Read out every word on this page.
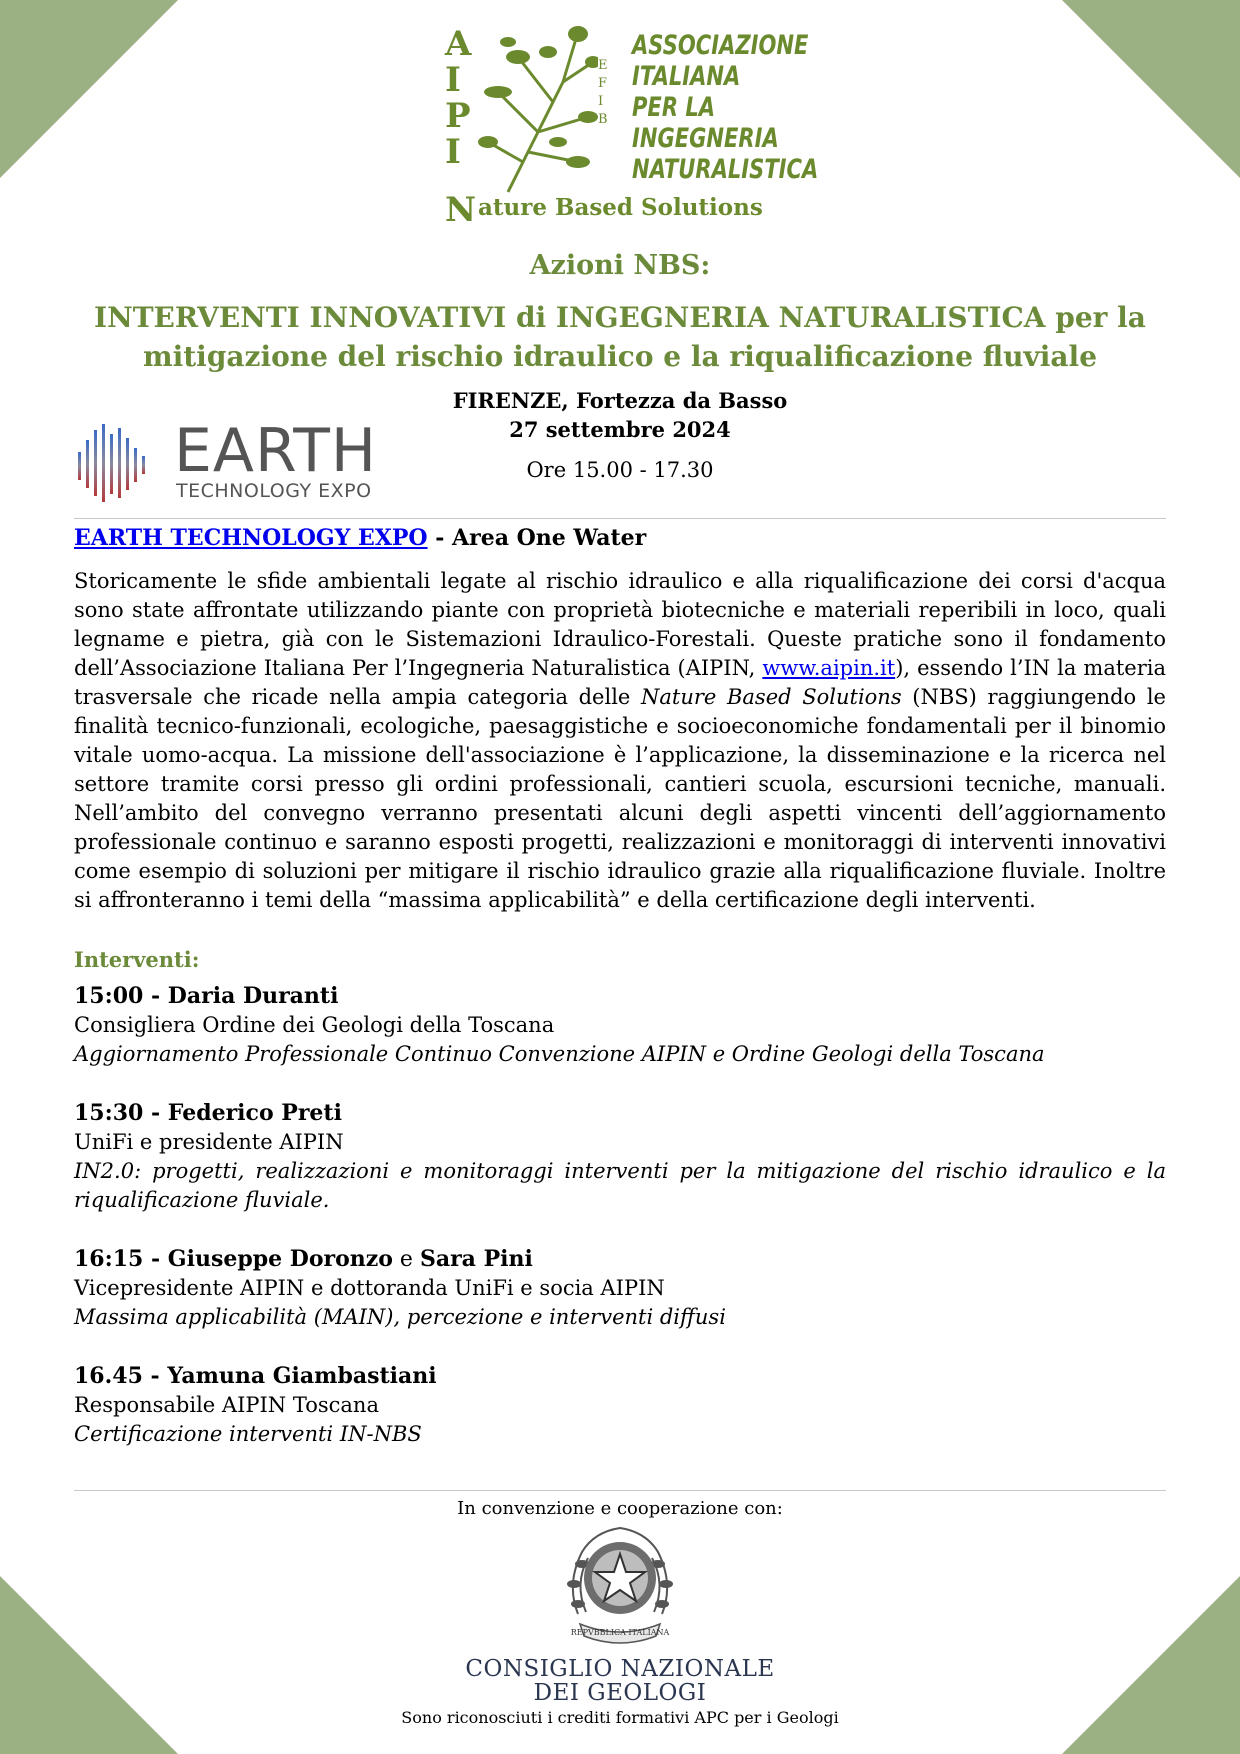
A
I
P
I
N
E
F
I
B
ASSOCIAZIONE
ITALIANA
PER LA
INGEGNERIA
NATURALISTICA
ature Based Solutions
Azioni NBS:
INTERVENTI INNOVATIVI di INGEGNERIA NATURALISTICA per la
mitigazione del rischio idraulico e la riqualificazione fluviale
FIRENZE, Fortezza da Basso
27 settembre 2024
Ore 15.00 - 17.30
EARTH
TECHNOLOGY EXPO
EARTH TECHNOLOGY EXPO - Area One Water
Storicamente le sfide ambientali legate al rischio idraulico e alla riqualificazione dei corsi d'acqua sono state affrontate utilizzando piante con proprietà biotecniche e materiali reperibili in loco, quali legname e pietra, già con le Sistemazioni Idraulico-Forestali. Queste pratiche sono il fondamento dell’Associazione Italiana Per l’Ingegneria Naturalistica (AIPIN, www.aipin.it), essendo l’IN la materia trasversale che ricade nella ampia categoria delle Nature Based Solutions (NBS) raggiungendo le finalità tecnico-funzionali, ecologiche, paesaggistiche e socioeconomiche fondamentali per il binomio vitale uomo-acqua. La missione dell'associazione è l’applicazione, la disseminazione e la ricerca nel settore tramite corsi presso gli ordini professionali, cantieri scuola, escursioni tecniche, manuali. Nell’ambito del convegno verranno presentati alcuni degli aspetti vincenti dell’aggiornamento professionale continuo e saranno esposti progetti, realizzazioni e monitoraggi di interventi innovativi come esempio di soluzioni per mitigare il rischio idraulico grazie alla riqualificazione fluviale. Inoltre si affronteranno i temi della “massima applicabilità” e della certificazione degli interventi.
Interventi:
15:00 - Daria Duranti
Consigliera Ordine dei Geologi della Toscana
Aggiornamento Professionale Continuo Convenzione AIPIN e Ordine Geologi della Toscana
15:30 - Federico Preti
UniFi e presidente AIPIN
IN2.0: progetti, realizzazioni e monitoraggi interventi per la mitigazione del rischio idraulico e la riqualificazione fluviale.
16:15 - Giuseppe Doronzo e Sara Pini
Vicepresidente AIPIN e dottoranda UniFi e socia AIPIN
Massima applicabilità (MAIN), percezione e interventi diffusi
16.45 - Yamuna Giambastiani
Responsabile AIPIN Toscana
Certificazione interventi IN-NBS
In convenzione e cooperazione con:
REPVBBLICA ITALIANA
CONSIGLIO NAZIONALE
DEI GEOLOGI
Sono riconosciuti i crediti formativi APC per i Geologi
